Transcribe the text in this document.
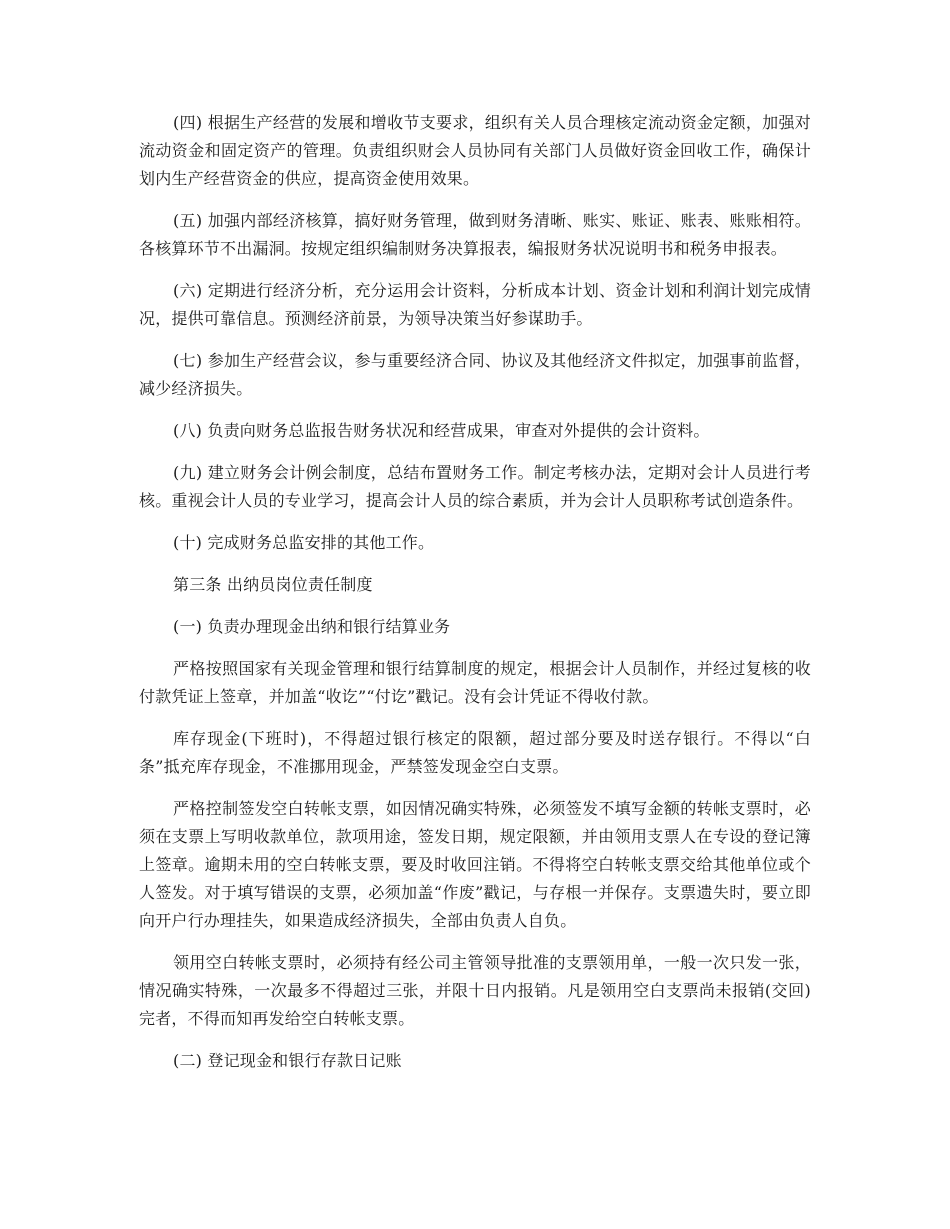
(四) 根据生产经营的发展和增收节支要求，组织有关人员合理核定流动资金定额，加强对流动资金和固定资产的管理。负责组织财会人员协同有关部门人员做好资金回收工作，确保计划内生产经营资金的供应，提高资金使用效果。

(五) 加强内部经济核算，搞好财务管理，做到财务清晰、账实、账证、账表、账账相符。各核算环节不出漏洞。按规定组织编制财务决算报表，编报财务状况说明书和税务申报表。

(六) 定期进行经济分析，充分运用会计资料，分析成本计划、资金计划和利润计划完成情况，提供可靠信息。预测经济前景，为领导决策当好参谋助手。

(七) 参加生产经营会议，参与重要经济合同、协议及其他经济文件拟定，加强事前监督，减少经济损失。

(八) 负责向财务总监报告财务状况和经营成果，审查对外提供的会计资料。

(九) 建立财务会计例会制度，总结布置财务工作。制定考核办法，定期对会计人员进行考核。重视会计人员的专业学习，提高会计人员的综合素质，并为会计人员职称考试创造条件。

(十) 完成财务总监安排的其他工作。

第三条 出纳员岗位责任制度

(一) 负责办理现金出纳和银行结算业务

严格按照国家有关现金管理和银行结算制度的规定，根据会计人员制作，并经过复核的收付款凭证上签章，并加盖“收讫”“付讫”戳记。没有会计凭证不得收付款。

库存现金(下班时)，不得超过银行核定的限额，超过部分要及时送存银行。不得以“白条”抵充库存现金，不准挪用现金，严禁签发现金空白支票。

严格控制签发空白转帐支票，如因情况确实特殊，必须签发不填写金额的转帐支票时，必须在支票上写明收款单位，款项用途，签发日期，规定限额，并由领用支票人在专设的登记簿上签章。逾期未用的空白转帐支票，要及时收回注销。不得将空白转帐支票交给其他单位或个人签发。对于填写错误的支票，必须加盖“作废”戳记，与存根一并保存。支票遗失时，要立即向开户行办理挂失，如果造成经济损失，全部由负责人自负。

领用空白转帐支票时，必须持有经公司主管领导批准的支票领用单，一般一次只发一张，情况确实特殊，一次最多不得超过三张，并限十日内报销。凡是领用空白支票尚未报销(交回)完者，不得而知再发给空白转帐支票。

(二) 登记现金和银行存款日记账
